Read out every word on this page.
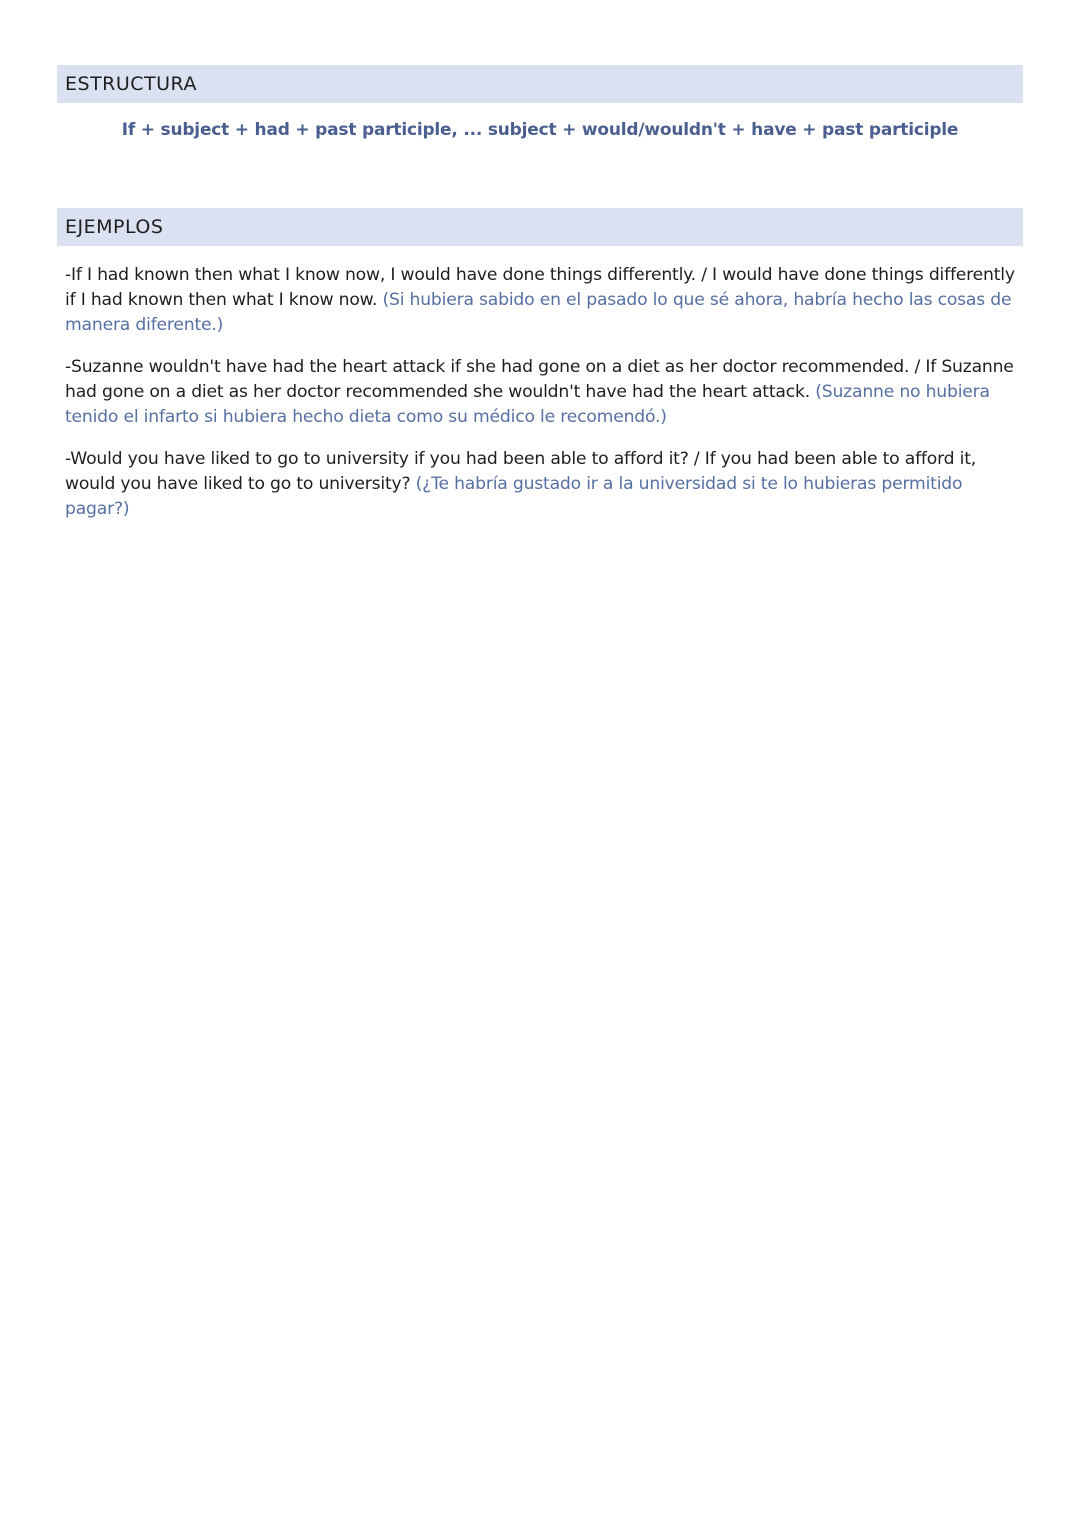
ESTRUCTURA
If + subject + had + past participle, ... subject + would/wouldn't + have + past participle
EJEMPLOS

-If I had known then what I know now, I would have done things differently. / I would have done things differently if I had known then what I know now. (Si hubiera sabido en el pasado lo que sé ahora, habría hecho las cosas de manera diferente.)

-Suzanne wouldn't have had the heart attack if she had gone on a diet as her doctor recommended. / If Suzanne had gone on a diet as her doctor recommended she wouldn't have had the heart attack. (Suzanne no hubiera tenido el infarto si hubiera hecho dieta como su médico le recomendó.)

-Would you have liked to go to university if you had been able to afford it? / If you had been able to afford it, would you have liked to go to university? (¿Te habría gustado ir a la universidad si te lo hubieras permitido pagar?)
